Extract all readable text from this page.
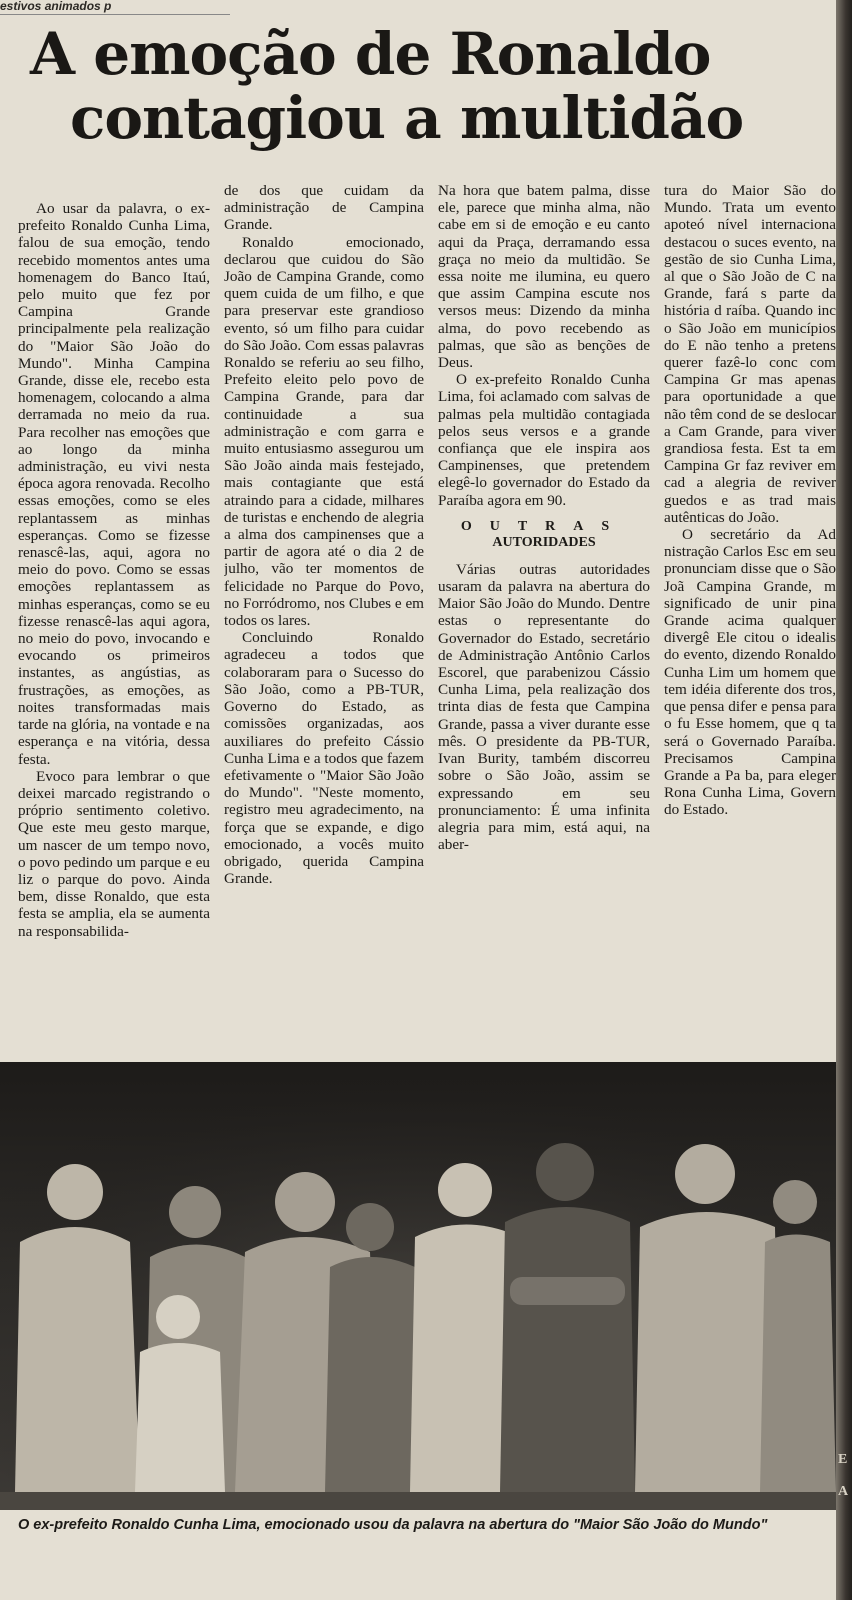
estivos animados p
A emoção de Ronaldo
contagiou a multidão

Ao usar da palavra, o ex-prefeito Ronaldo Cunha Lima, falou de sua emoção, tendo recebido momentos antes uma homenagem do Banco Itaú, pelo muito que fez por Campina Grande principalmente pela realização do "Maior São João do Mundo". Minha Campina Grande, disse ele, recebo esta homenagem, colocando a alma derramada no meio da rua. Para recolher nas emoções que ao longo da minha administração, eu vivi nesta época agora renovada. Recolho essas emoções, como se eles replantassem as minhas esperanças. Como se fizesse renascê-las, aqui, agora no meio do povo. Como se essas emoções replantassem as minhas esperanças, como se eu fizesse renascê-las aqui agora, no meio do povo, invocando e evocando os primeiros instantes, as angústias, as frustrações, as emoções, as noites transformadas mais tarde na glória, na vontade e na esperança e na vitória, dessa festa.

Evoco para lembrar o que deixei marcado registrando o próprio sentimento coletivo. Que este meu gesto marque, um nascer de um tempo novo, o povo pedindo um parque e eu liz o parque do povo. Ainda bem, disse Ronaldo, que esta festa se amplia, ela se aumenta na responsabilida-

de dos que cuidam da administração de Campina Grande.

Ronaldo emocionado, declarou que cuidou do São João de Campina Grande, como quem cuida de um filho, e que para preservar este grandioso evento, só um filho para cuidar do São João. Com essas palavras Ronaldo se referiu ao seu filho, Prefeito eleito pelo povo de Campina Grande, para dar continuidade a sua administração e com garra e muito entusiasmo assegurou um São João ainda mais festejado, mais contagiante que está atraindo para a cidade, milhares de turistas e enchendo de alegria a alma dos campinenses que a partir de agora até o dia 2 de julho, vão ter momentos de felicidade no Parque do Povo, no Forródromo, nos Clubes e em todos os lares.

Concluindo Ronaldo agradeceu a todos que colaboraram para o Sucesso do São João, como a PB-TUR, Governo do Estado, as comissões organizadas, aos auxiliares do prefeito Cássio Cunha Lima e a todos que fazem efetivamente o "Maior São João do Mundo". "Neste momento, registro meu agradecimento, na força que se expande, e digo emocionado, a vocês muito obrigado, querida Campina Grande.

Na hora que batem palma, disse ele, parece que minha alma, não cabe em si de emoção e eu canto aqui da Praça, derramando essa graça no meio da multidão. Se essa noite me ilumina, eu quero que assim Campina escute nos versos meus: Dizendo da minha alma, do povo recebendo as palmas, que são as benções de Deus.

O ex-prefeito Ronaldo Cunha Lima, foi aclamado com salvas de palmas pela multidão contagiada pelos seus versos e a grande confiança que ele inspira aos Campinenses, que pretendem elegê-lo governador do Estado da Paraíba agora em 90.

OUTRAS
AUTORIDADES

Várias outras autoridades usaram da palavra na abertura do Maior São João do Mundo. Dentre estas o representante do Governador do Estado, secretário de Administração Antônio Carlos Escorel, que parabenizou Cássio Cunha Lima, pela realização dos trinta dias de festa que Campina Grande, passa a viver durante esse mês. O presidente da PB-TUR, Ivan Burity, também discorreu sobre o São João, assim se expressando em seu pronunciamento: É uma infinita alegria para mim, está aqui, na aber-

tura do Maior São do Mundo. Trata um evento apoteó nível internaciona destacou o suces evento, na gestão de sio Cunha Lima, al que o São João de C na Grande, fará s parte da história d raíba. Quando inc o São João em municípios do E não tenho a pretens querer fazê-lo conc com Campina Gr mas apenas para oportunidade a que não têm cond de se deslocar a Cam Grande, para viver grandiosa festa. Est ta em Campina Gr faz reviver em cad a alegria de reviver guedos e as trad mais autênticas do João.

O secretário da Ad nistração Carlos Esc em seu pronunciam disse que o São Joã Campina Grande, m significado de unir pina Grande acima qualquer divergê Ele citou o idealis do evento, dizendo Ronaldo Cunha Lim um homem que tem idéia diferente dos tros, que pensa difer e pensa para o fu Esse homem, que q ta será o Governado Paraíba. Precisamos Campina Grande a Pa ba, para eleger Rona Cunha Lima, Govern do Estado.

O ex-prefeito Ronaldo Cunha Lima, emocionado usou da palavra na abertura do "Maior São João do Mundo"
E
A
